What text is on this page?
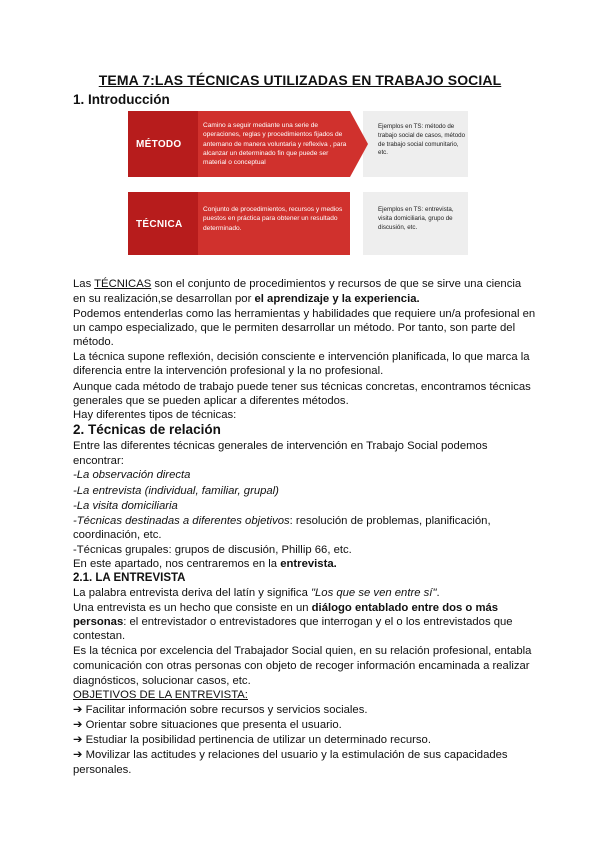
TEMA 7:LAS TÉCNICAS UTILIZADAS EN TRABAJO SOCIAL
1. Introducción
MÉTODO
Camino a seguir mediante una serie de operaciones, reglas y procedimientos fijados de antemano de manera voluntaria y reflexiva , para alcanzar un determinado fin que puede ser material o conceptual
Ejemplos en TS: método de trabajo social de casos, método de trabajo social comunitario, etc.
TÉCNICA
Conjunto de procedimientos, recursos y medios puestos en práctica para obtener un resultado determinado.
Ejemplos en TS: entrevista, visita domiciliaria, grupo de discusión, etc.
Las TÉCNICAS son el conjunto de procedimientos y recursos de que se sirve una ciencia
en su realización,se desarrollan por el aprendizaje y la experiencia.
Podemos entenderlas como las herramientas y habilidades que requiere un/a profesional en
un campo especializado, que le permiten desarrollar un método. Por tanto, son parte del
método.
La técnica supone reflexión, decisión consciente e intervención planificada, lo que marca la
diferencia entre la intervención profesional y la no profesional.
Aunque cada método de trabajo puede tener sus técnicas concretas, encontramos técnicas
generales que se pueden aplicar a diferentes métodos.
Hay diferentes tipos de técnicas:
2. Técnicas de relación
Entre las diferentes técnicas generales de intervención en Trabajo Social podemos
encontrar:
-La observación directa
-La entrevista (individual, familiar, grupal)
-La visita domiciliaria
-Técnicas destinadas a diferentes objetivos: resolución de problemas, planificación,
coordinación, etc.
-Técnicas grupales: grupos de discusión, Phillip 66, etc.
En este apartado, nos centraremos en la entrevista.
2.1. LA ENTREVISTA
La palabra entrevista deriva del latín y significa "Los que se ven entre sí".
Una entrevista es un hecho que consiste en un diálogo entablado entre dos o más
personas: el entrevistador o entrevistadores que interrogan y el o los entrevistados que
contestan.
Es la técnica por excelencia del Trabajador Social quien, en su relación profesional, entabla
comunicación con otras personas con objeto de recoger información encaminada a realizar
diagnósticos, solucionar casos, etc.
OBJETIVOS DE LA ENTREVISTA:
➔ Facilitar información sobre recursos y servicios sociales.
➔ Orientar sobre situaciones que presenta el usuario.
➔ Estudiar la posibilidad pertinencia de utilizar un determinado recurso.
➔ Movilizar las actitudes y relaciones del usuario y la estimulación de sus capacidades
personales.
